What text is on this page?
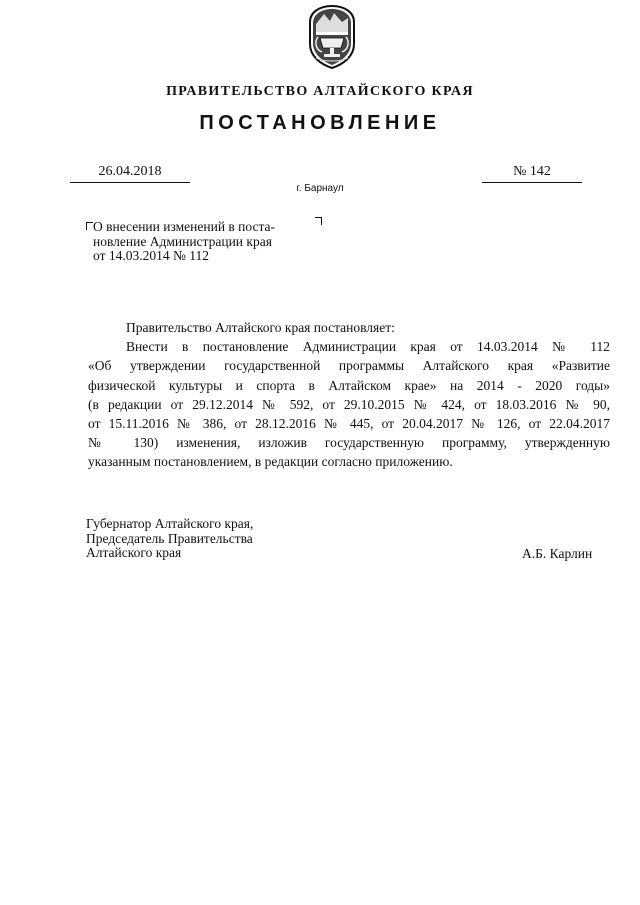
ПРАВИТЕЛЬСТВО АЛТАЙСКОГО КРАЯ
ПОСТАНОВЛЕНИЕ
26.04.2018	№ 142
г. Барнаул
О внесении изменений в поста-
новление Администрации края
от 14.03.2014 № 112
Правительство Алтайского края постановляет:
Внести в постановление Администрации края от 14.03.2014 № 112
«Об утверждении государственной программы Алтайского края «Развитие
физической культуры и спорта в Алтайском крае» на 2014 - 2020 годы»
(в редакции от 29.12.2014 № 592, от 29.10.2015 № 424, от 18.03.2016 № 90,
от 15.11.2016 № 386, от 28.12.2016 № 445, от 20.04.2017 № 126, от 22.04.2017
№ 130) изменения, изложив государственную программу, утвержденную
указанным постановлением, в редакции согласно приложению.
Губернатор Алтайского края,
Председатель Правительства
Алтайского края	А.Б. Карлин
